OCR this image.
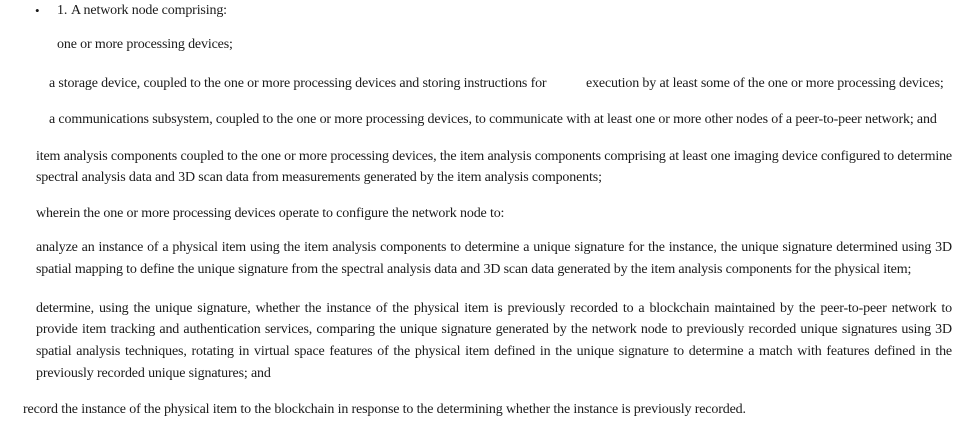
• 1. A network node comprising:
one or more processing devices;
a storage device, coupled to the one or more processing devices and storing instructions for	execution by at least some of the one or more processing devices;
a communications subsystem, coupled to the one or more processing devices, to communicate with at least one or more other nodes of a peer-to-peer network; and
item analysis components coupled to the one or more processing devices, the item analysis components comprising at least one imaging device configured to determine
spectral analysis data and 3D scan data from measurements generated by the item analysis components;
wherein the one or more processing devices operate to configure the network node to:
analyze an instance of a physical item using the item analysis components to determine a unique signature for the instance, the unique signature determined using 3D
spatial mapping to define the unique signature from the spectral analysis data and 3D scan data generated by the item analysis components for the physical item;
determine, using the unique signature, whether the instance of the physical item is previously recorded to a blockchain maintained by the peer-to-peer network to
provide item tracking and authentication services, comparing the unique signature generated by the network node to previously recorded unique signatures using 3D
spatial analysis techniques, rotating in virtual space features of the physical item defined in the unique signature to determine a match with features defined in the
previously recorded unique signatures; and
record the instance of the physical item to the blockchain in response to the determining whether the instance is previously recorded.
